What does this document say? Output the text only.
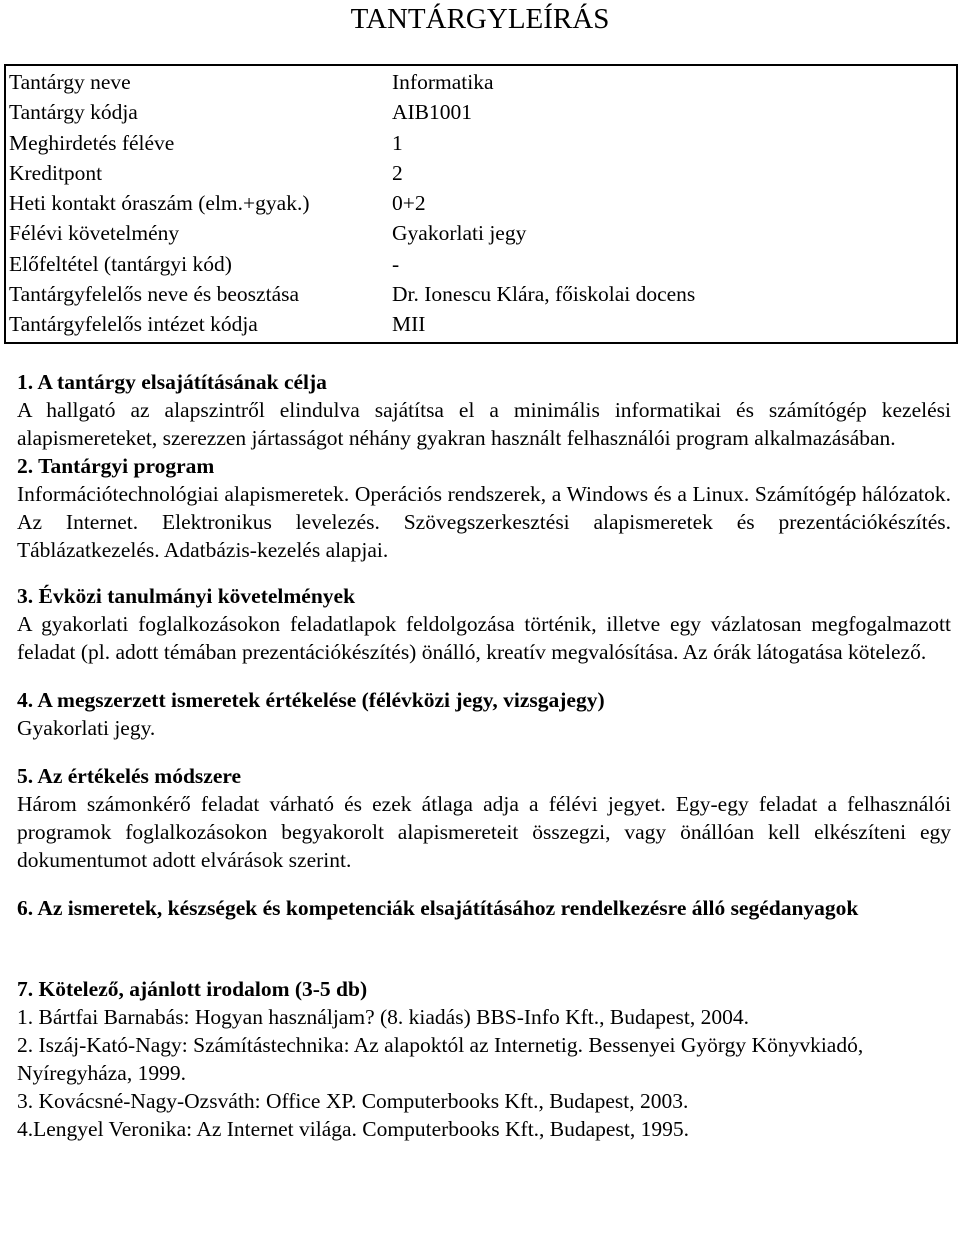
TANTÁRGYLEÍRÁS
Tantárgy neve	Informatika
Tantárgy kódja	AIB1001
Meghirdetés féléve	1
Kreditpont	2
Heti kontakt óraszám (elm.+gyak.)	0+2
Félévi követelmény	Gyakorlati jegy
Előfeltétel (tantárgyi kód)	-
Tantárgyfelelős neve és beosztása	Dr. Ionescu Klára, főiskolai docens
Tantárgyfelelős intézet kódja	MII

1. A tantárgy elsajátításának célja

A hallgató az alapszintről elindulva sajátítsa el a minimális informatikai és számítógép kezelési alapismereteket, szerezzen jártasságot néhány gyakran használt felhasználói program alkalmazásában.

2. Tantárgyi program

Információtechnológiai alapismeretek. Operációs rendszerek, a Windows és a Linux. Számítógép hálózatok. Az Internet. Elektronikus levelezés. Szövegszerkesztési alapismeretek és prezentációkészítés. Táblázatkezelés. Adatbázis-kezelés alapjai.

3. Évközi tanulmányi követelmények

A gyakorlati foglalkozásokon feladatlapok feldolgozása történik, illetve egy vázlatosan megfogalmazott feladat (pl. adott témában prezentációkészítés) önálló, kreatív megvalósítása. Az órák látogatása kötelező.

4. A megszerzett ismeretek értékelése (félévközi jegy, vizsgajegy)

Gyakorlati jegy.

5. Az értékelés módszere

Három számonkérő feladat várható és ezek átlaga adja a félévi jegyet. Egy-egy feladat a felhasználói programok foglalkozásokon begyakorolt alapismereteit összegzi, vagy önállóan kell elkészíteni egy dokumentumot adott elvárások szerint.

6. Az ismeretek, készségek és kompetenciák elsajátításához rendelkezésre álló segédanyagok

7. Kötelező, ajánlott irodalom (3-5 db)

1. Bártfai Barnabás: Hogyan használjam? (8. kiadás) BBS-Info Kft., Budapest, 2004.
2. Iszáj-Kató-Nagy: Számítástechnika: Az alapoktól az Internetig. Bessenyei György Könyvkiadó, Nyíregyháza, 1999.
3. Kovácsné-Nagy-Ozsváth: Office XP. Computerbooks Kft., Budapest, 2003.
4.Lengyel Veronika: Az Internet világa. Computerbooks Kft., Budapest, 1995.
